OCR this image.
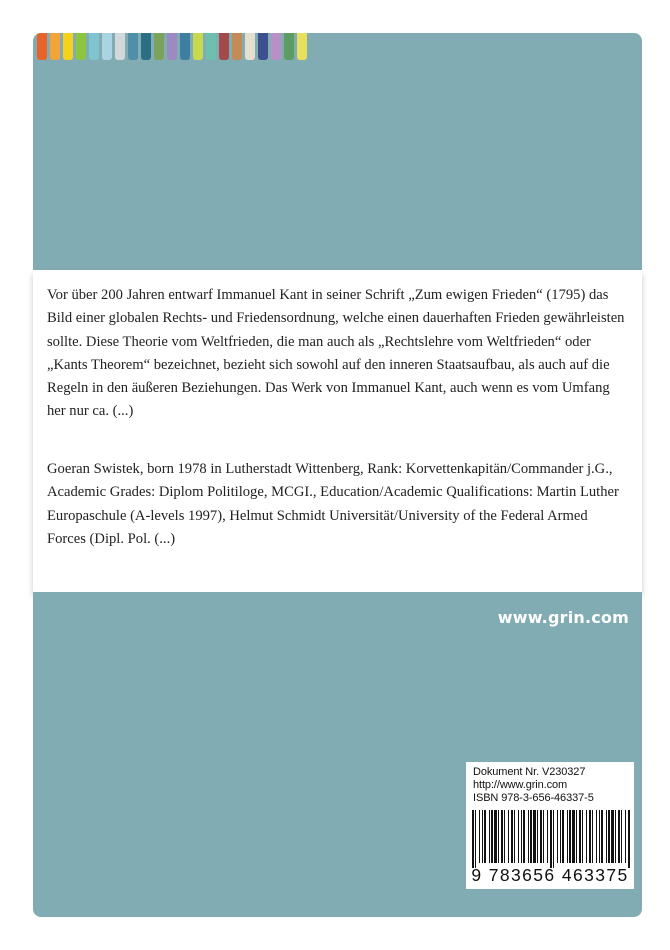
Vor über 200 Jahren entwarf Immanuel Kant in seiner Schrift „Zum ewigen Frieden“ (1795) das Bild einer globalen Rechts- und Friedensordnung, welche einen dauerhaften Frieden gewährleisten sollte. Diese Theorie vom Weltfrieden, die man auch als „Rechtslehre vom Weltfrieden“ oder „Kants Theorem“ bezeichnet, bezieht sich sowohl auf den inneren Staatsaufbau, als auch auf die Regeln in den äußeren Beziehungen. Das Werk von Immanuel Kant, auch wenn es vom Umfang her nur ca. (...)

Goeran Swistek, born 1978 in Lutherstadt Wittenberg, Rank: Korvettenkapitän/Commander j.G., Academic Grades: Diplom Politiloge, MCGI., Education/Academic Qualifications: Martin Luther Europaschule (A-levels 1997), Helmut Schmidt Universität/University of the Federal Armed Forces (Dipl. Pol. (...)

www.grin.com
Dokument Nr. V230327
http://www.grin.com
ISBN 978-3-656-46337-5
9 783656 463375
